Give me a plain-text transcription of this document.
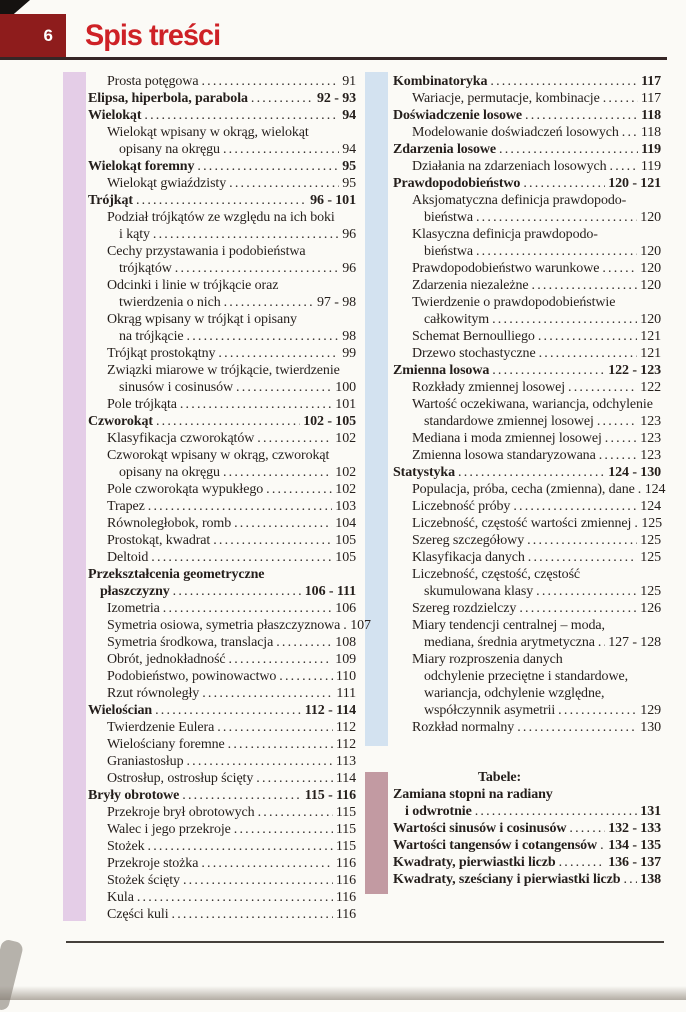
6 Spis treści
Prosta potęgowa .....	91
Elipsa, hiperbola, parabola .....	92 - 93
Wielokąt .....	94
Wielokąt wpisany w okrąg, wielokąt
opisany na okręgu .....	94
Wielokąt foremny .....	95
Wielokąt gwiaździsty .....	95
Trójkąt .....	96 - 101
Podział trójkątów ze względu na ich boki
i kąty .....	96
Cechy przystawania i podobieństwa
trójkątów .....	96
Odcinki i linie w trójkącie oraz
twierdzenia o nich .....	97 - 98
Okrąg wpisany w trójkąt i opisany
na trójkącie .....	98
Trójkąt prostokątny .....	99
Związki miarowe w trójkącie, twierdzenie
sinusów i cosinusów .....	100
Pole trójkąta .....	101
Czworokąt .....	102 - 105
Klasyfikacja czworokątów .....	102
Czworokąt wpisany w okrąg, czworokąt
opisany na okręgu .....	102
Pole czworokąta wypukłego .....	102
Trapez .....	103
Równoległobok, romb .....	104
Prostokąt, kwadrat .....	105
Deltoid .....	105
Przekształcenia geometryczne
płaszczyzny .....	106 - 111
Izometria .....	106
Symetria osiowa, symetria płaszczyznowa ..... 107
Symetria środkowa, translacja .....	108
Obrót, jednokładność .....	109
Podobieństwo, powinowactwo .....	110
Rzut równoległy .....	111
Wielościan .....	112 - 114
Twierdzenie Eulera .....	112
Wielościany foremne .....	112
Graniastosłup .....	113
Ostrosłup, ostrosłup ścięty .....	114
Bryły obrotowe .....	115 - 116
Przekroje brył obrotowych .....	115
Walec i jego przekroje .....	115
Stożek .....	115
Przekroje stożka .....	116
Stożek ścięty .....	116
Kula .....	116
Części kuli .....	116
Kombinatoryka .....	117
Wariacje, permutacje, kombinacje .....	117
Doświadczenie losowe .....	118
Modelowanie doświadczeń losowych ..... 118
Zdarzenia losowe .....	119
Działania na zdarzeniach losowych ..... 119
Prawdopodobieństwo .....	120 - 121
Aksjomatyczna definicja prawdopodo-
bieństwa .....	120
Klasyczna definicja prawdopodo-
bieństwa .....	120
Prawdopodobieństwo warunkowe .....	120
Zdarzenia niezależne .....	120
Twierdzenie o prawdopodobieństwie
całkowitym .....	120
Schemat Bernoulliego .....	121
Drzewo stochastyczne .....	121
Zmienna losowa .....	122 - 123
Rozkłady zmiennej losowej .....	122
Wartość oczekiwana, wariancja, odchylenie
standardowe zmiennej losowej .....	123
Mediana i moda zmiennej losowej .....	123
Zmienna losowa standaryzowana .....	123
Statystyka .....	124 - 130
Populacja, próba, cecha (zmienna), dane ..... 124
Liczebność próby .....	124
Liczebność, częstość wartości zmiennej ..... 125
Szereg szczegółowy .....	125
Klasyfikacja danych .....	125
Liczebność, częstość, częstość
skumulowana klasy .....	125
Szereg rozdzielczy .....	126
Miary tendencji centralnej – moda,
mediana, średnia arytmetyczna ..... 127 - 128
Miary rozproszenia danych
odchylenie przeciętne i standardowe,
wariancja, odchylenie względne,
współczynnik asymetrii .....	129
Rozkład normalny .....	130
Tabele:
Zamiana stopni na radiany
i odwrotnie .....	131
Wartości sinusów i cosinusów .....	132 - 133
Wartości tangensów i cotangensów ..... 134 - 135
Kwadraty, pierwiastki liczb .....	136 - 137
Kwadraty, sześciany i pierwiastki liczb ..... 138
